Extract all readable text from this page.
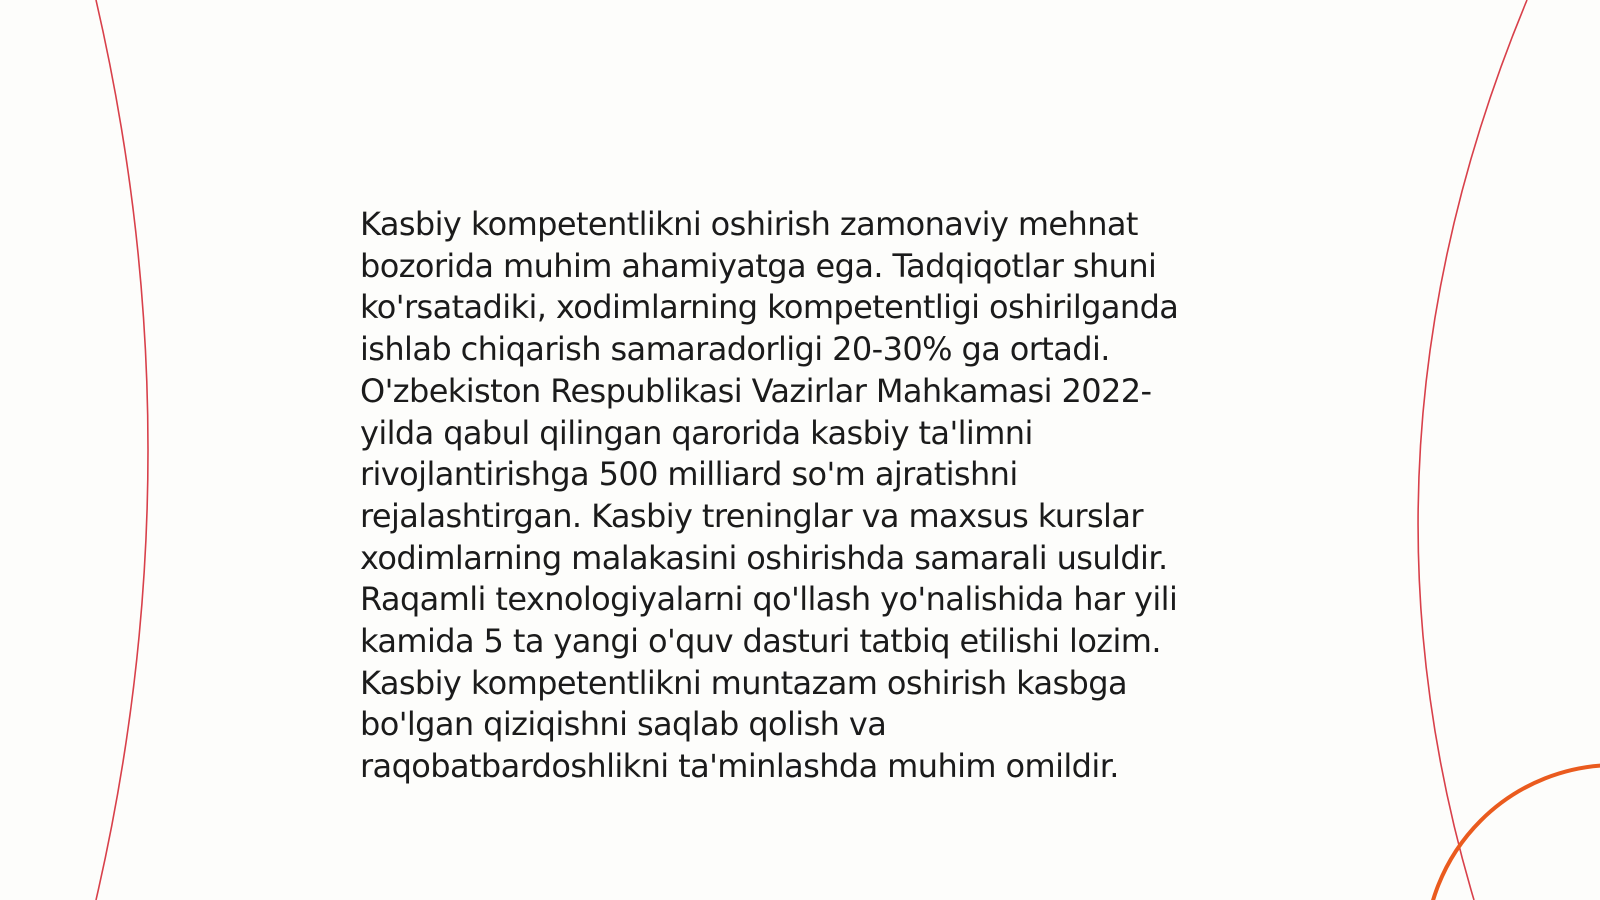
Kasbiy kompetentlikni oshirish zamonaviy mehnat
bozorida muhim ahamiyatga ega. Tadqiqotlar shuni
ko'rsatadiki, xodimlarning kompetentligi oshirilganda
ishlab chiqarish samaradorligi 20-30% ga ortadi.
O'zbekiston Respublikasi Vazirlar Mahkamasi 2022-
yilda qabul qilingan qarorida kasbiy ta'limni
rivojlantirishga 500 milliard so'm ajratishni
rejalashtirgan. Kasbiy treninglar va maxsus kurslar
xodimlarning malakasini oshirishda samarali usuldir.
Raqamli texnologiyalarni qo'llash yo'nalishida har yili
kamida 5 ta yangi o'quv dasturi tatbiq etilishi lozim.
Kasbiy kompetentlikni muntazam oshirish kasbga
bo'lgan qiziqishni saqlab qolish va
raqobatbardoshlikni ta'minlashda muhim omildir.
